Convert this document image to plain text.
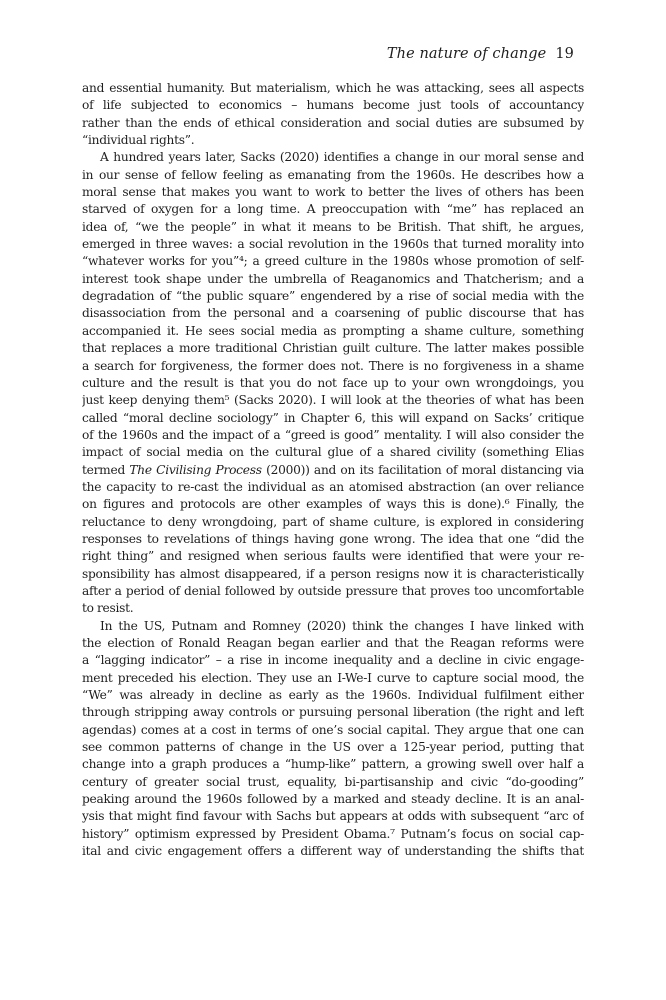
The nature of change 19
and essential humanity. But materialism, which he was attacking, sees all aspects
of life subjected to economics – humans become just tools of accountancy
rather than the ends of ethical consideration and social duties are subsumed by
“individual rights”.
A hundred years later, Sacks (2020) identifies a change in our moral sense and
in our sense of fellow feeling as emanating from the 1960s. He describes how a
moral sense that makes you want to work to better the lives of others has been
starved of oxygen for a long time. A preoccupation with “me” has replaced an
idea of, “we the people” in what it means to be British. That shift, he argues,
emerged in three waves: a social revolution in the 1960s that turned morality into
“whatever works for you”⁴; a greed culture in the 1980s whose promotion of self-
interest took shape under the umbrella of Reaganomics and Thatcherism; and a
degradation of “the public square” engendered by a rise of social media with the
disassociation from the personal and a coarsening of public discourse that has
accompanied it. He sees social media as prompting a shame culture, something
that replaces a more traditional Christian guilt culture. The latter makes possible
a search for forgiveness, the former does not. There is no forgiveness in a shame
culture and the result is that you do not face up to your own wrongdoings, you
just keep denying them⁵ (Sacks 2020). I will look at the theories of what has been
called “moral decline sociology” in Chapter 6, this will expand on Sacks’ critique
of the 1960s and the impact of a “greed is good” mentality. I will also consider the
impact of social media on the cultural glue of a shared civility (something Elias
termed The Civilising Process (2000)) and on its facilitation of moral distancing via
the capacity to re-cast the individual as an atomised abstraction (an over reliance
on figures and protocols are other examples of ways this is done).⁶ Finally, the
reluctance to deny wrongdoing, part of shame culture, is explored in considering
responses to revelations of things having gone wrong. The idea that one “did the
right thing” and resigned when serious faults were identified that were your re-
sponsibility has almost disappeared, if a person resigns now it is characteristically
after a period of denial followed by outside pressure that proves too uncomfortable
to resist.
In the US, Putnam and Romney (2020) think the changes I have linked with
the election of Ronald Reagan began earlier and that the Reagan reforms were
a “lagging indicator” – a rise in income inequality and a decline in civic engage-
ment preceded his election. They use an I-We-I curve to capture social mood, the
“We” was already in decline as early as the 1960s. Individual fulfilment either
through stripping away controls or pursuing personal liberation (the right and left
agendas) comes at a cost in terms of one’s social capital. They argue that one can
see common patterns of change in the US over a 125-year period, putting that
change into a graph produces a “hump-like” pattern, a growing swell over half a
century of greater social trust, equality, bi-partisanship and civic “do-gooding”
peaking around the 1960s followed by a marked and steady decline. It is an anal-
ysis that might find favour with Sachs but appears at odds with subsequent “arc of
history” optimism expressed by President Obama.⁷ Putnam’s focus on social cap-
ital and civic engagement offers a different way of understanding the shifts that
